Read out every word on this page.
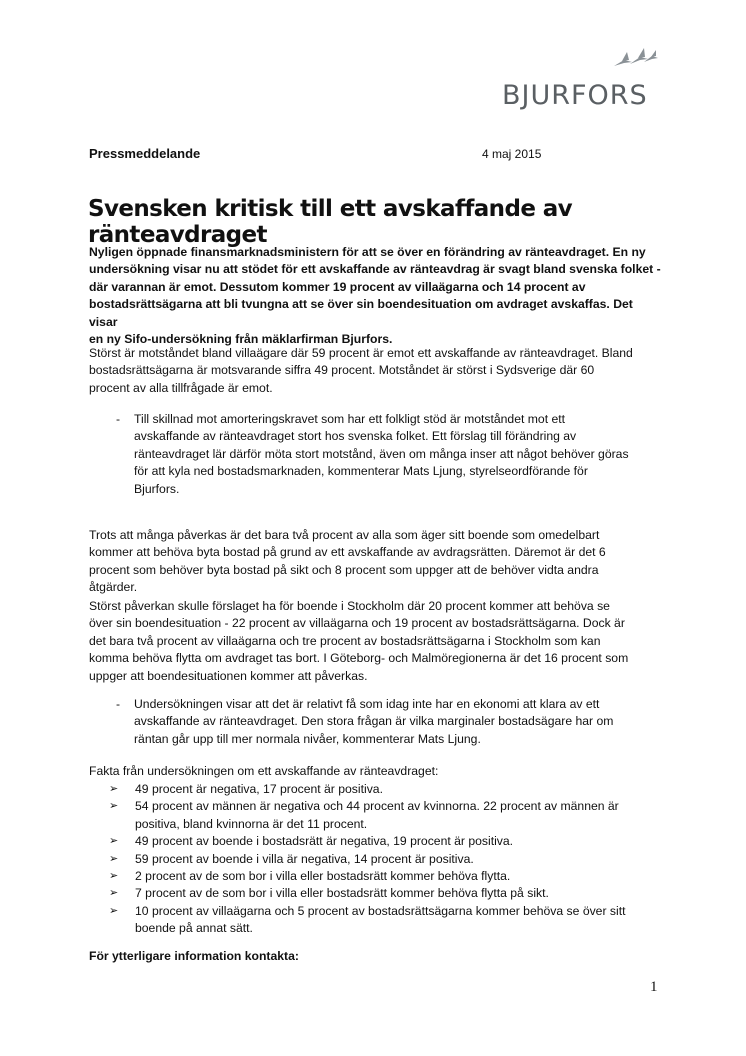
BJURFORS
Pressmeddelande	4 maj 2015
Svensken kritisk till ett avskaffande av ränteavdraget
Nyligen öppnade finansmarknadsministern för att se över en förändring av ränteavdraget. En ny
undersökning visar nu att stödet för ett avskaffande av ränteavdrag är svagt bland svenska folket -
där varannan är emot. Dessutom kommer 19 procent av villaägarna och 14 procent av
bostadsrättsägarna att bli tvungna att se över sin boendesituation om avdraget avskaffas. Det visar
en ny Sifo-undersökning från mäklarfirman Bjurfors.
Störst är motståndet bland villaägare där 59 procent är emot ett avskaffande av ränteavdraget. Bland
bostadsrättsägarna är motsvarande siffra 49 procent. Motståndet är störst i Sydsverige där 60
procent av alla tillfrågade är emot.
- Till skillnad mot amorteringskravet som har ett folkligt stöd är motståndet mot ett
avskaffande av ränteavdraget stort hos svenska folket. Ett förslag till förändring av
ränteavdraget lär därför möta stort motstånd, även om många inser att något behöver göras
för att kyla ned bostadsmarknaden, kommenterar Mats Ljung, styrelseordförande för
Bjurfors.
Trots att många påverkas är det bara två procent av alla som äger sitt boende som omedelbart
kommer att behöva byta bostad på grund av ett avskaffande av avdragsrätten. Däremot är det 6
procent som behöver byta bostad på sikt och 8 procent som uppger att de behöver vidta andra
åtgärder.
Störst påverkan skulle förslaget ha för boende i Stockholm där 20 procent kommer att behöva se
över sin boendesituation - 22 procent av villaägarna och 19 procent av bostadsrättsägarna. Dock är
det bara två procent av villaägarna och tre procent av bostadsrättsägarna i Stockholm som kan
komma behöva flytta om avdraget tas bort. I Göteborg- och Malmöregionerna är det 16 procent som
uppger att boendesituationen kommer att påverkas.
- Undersökningen visar att det är relativt få som idag inte har en ekonomi att klara av ett
avskaffande av ränteavdraget. Den stora frågan är vilka marginaler bostadsägare har om
räntan går upp till mer normala nivåer, kommenterar Mats Ljung.
Fakta från undersökningen om ett avskaffande av ränteavdraget:
➢ 49 procent är negativa, 17 procent är positiva.
➢ 54 procent av männen är negativa och 44 procent av kvinnorna. 22 procent av männen är
positiva, bland kvinnorna är det 11 procent.
➢ 49 procent av boende i bostadsrätt är negativa, 19 procent är positiva.
➢ 59 procent av boende i villa är negativa, 14 procent är positiva.
➢ 2 procent av de som bor i villa eller bostadsrätt kommer behöva flytta.
➢ 7 procent av de som bor i villa eller bostadsrätt kommer behöva flytta på sikt.
➢ 10 procent av villaägarna och 5 procent av bostadsrättsägarna kommer behöva se över sitt
boende på annat sätt.
För ytterligare information kontakta:
1
